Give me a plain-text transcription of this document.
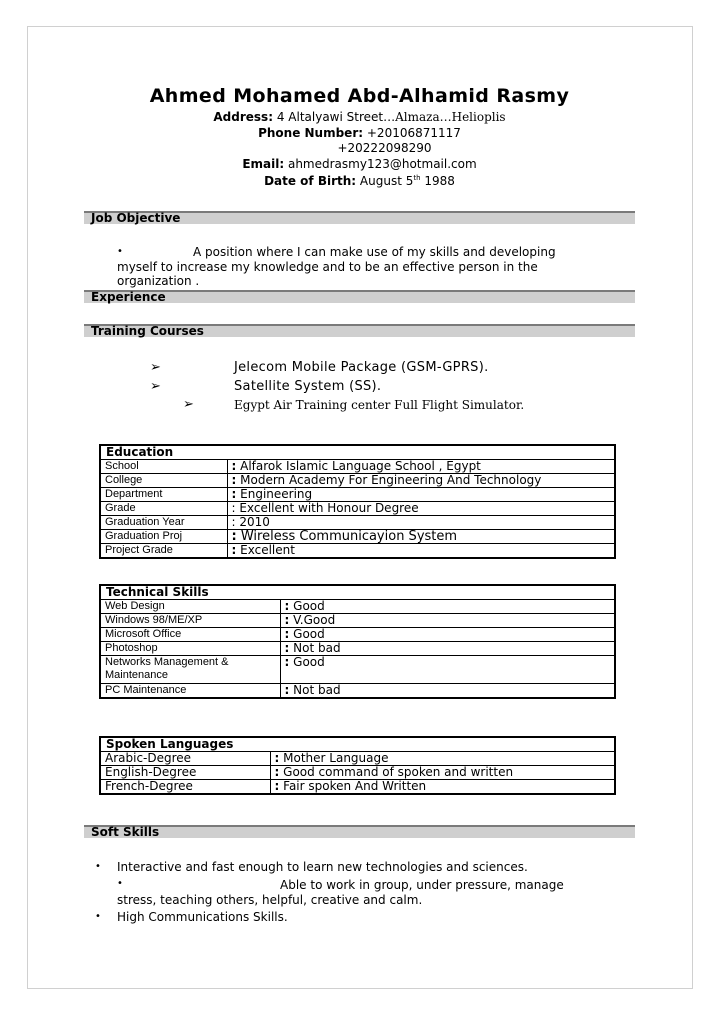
Ahmed Mohamed Abd-Alhamid Rasmy
Address: 4 Altalyawi Street…Almaza…Helioplis
Phone Number: +20106871117
+20222098290
Email: ahmedrasmy123@hotmail.com
Date of Birth: August 5th 1988
Job Objective
•	A position where I can make use of my skills and developing
myself to increase my knowledge and to be an effective person in the
organization .
Experience
Training Courses
➢	Jelecom Mobile Package (GSM-GPRS).
➢	Satellite System (SS).
➢	Egypt Air Training center Full Flight Simulator.
Education	
School	: Alfarok Islamic Language School , Egypt
College	: Modern Academy For Engineering And Technology
Department	: Engineering
Grade	: Excellent with Honour Degree
Graduation Year	: 2010
Graduation Proj	: Wireless Communicayion System
Project Grade	: Excellent
Technical Skills	
Web Design	: Good
Windows 98/ME/XP	: V.Good
Microsoft Office	: Good
Photoshop	: Not bad
Networks Management &
Maintenance	: Good
PC Maintenance	: Not bad
Spoken Languages	
Arabic-Degree	: Mother Language
English-Degree	: Good command of spoken and written
French-Degree	: Fair spoken And Written
Soft Skills
• Interactive and fast enough to learn new technologies and sciences.
•	Able to work in group, under pressure, manage
stress, teaching others, helpful, creative and calm.
• High Communications Skills.
